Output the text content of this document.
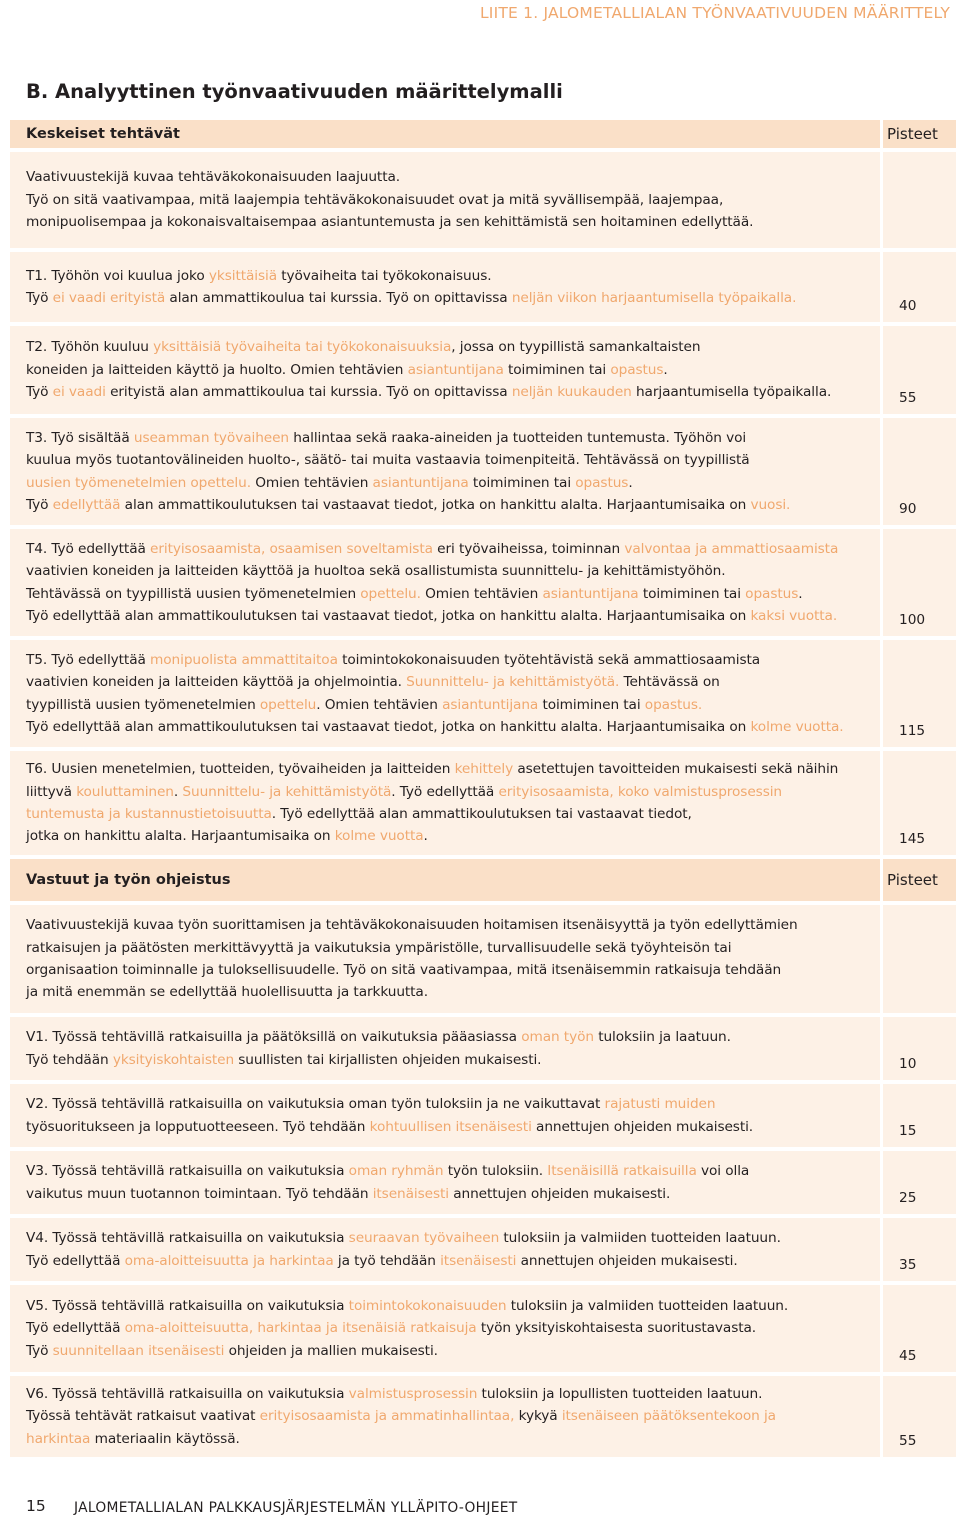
LIITE 1. JALOMETALLIALAN TYÖNVAATIVUUDEN MÄÄRITTELY
B. Analyyttinen työnvaativuuden määrittelymalli
Keskeiset tehtävät	Pisteet
Vaativuustekijä kuvaa tehtäväkokonaisuuden laajuutta.
Työ on sitä vaativampaa, mitä laajempia tehtäväkokonaisuudet ovat ja mitä syvällisempää, laajempaa,
monipuolisempaa ja kokonaisvaltaisempaa asiantuntemusta ja sen kehittämistä sen hoitaminen edellyttää.
T1. Työhön voi kuulua joko yksittäisiä työvaiheita tai työkokonaisuus.
Työ ei vaadi erityistä alan ammattikoulua tai kurssia. Työ on opittavissa neljän viikon harjaantumisella työpaikalla.	40
T2. Työhön kuuluu yksittäisiä työvaiheita tai työkokonaisuuksia, jossa on tyypillistä samankaltaisten
koneiden ja laitteiden käyttö ja huolto. Omien tehtävien asiantuntijana toimiminen tai opastus.
Työ ei vaadi erityistä alan ammattikoulua tai kurssia. Työ on opittavissa neljän kuukauden harjaantumisella työpaikalla.	55
T3. Työ sisältää useamman työvaiheen hallintaa sekä raaka-aineiden ja tuotteiden tuntemusta. Työhön voi
kuulua myös tuotantovälineiden huolto-, säätö- tai muita vastaavia toimenpiteitä. Tehtävässä on tyypillistä
uusien työmenetelmien opettelu. Omien tehtävien asiantuntijana toimiminen tai opastus.
Työ edellyttää alan ammattikoulutuksen tai vastaavat tiedot, jotka on hankittu alalta. Harjaantumisaika on vuosi.	90
T4. Työ edellyttää erityisosaamista, osaamisen soveltamista eri työvaiheissa, toiminnan valvontaa ja ammattiosaamista
vaativien koneiden ja laitteiden käyttöä ja huoltoa sekä osallistumista suunnittelu- ja kehittämistyöhön.
Tehtävässä on tyypillistä uusien työmenetelmien opettelu. Omien tehtävien asiantuntijana toimiminen tai opastus.
Työ edellyttää alan ammattikoulutuksen tai vastaavat tiedot, jotka on hankittu alalta. Harjaantumisaika on kaksi vuotta.	100
T5. Työ edellyttää monipuolista ammattitaitoa toimintokokonaisuuden työtehtävistä sekä ammattiosaamista
vaativien koneiden ja laitteiden käyttöä ja ohjelmointia. Suunnittelu- ja kehittämistyötä. Tehtävässä on
tyypillistä uusien työmenetelmien opettelu. Omien tehtävien asiantuntijana toimiminen tai opastus.
Työ edellyttää alan ammattikoulutuksen tai vastaavat tiedot, jotka on hankittu alalta. Harjaantumisaika on kolme vuotta.	115
T6. Uusien menetelmien, tuotteiden, työvaiheiden ja laitteiden kehittely asetettujen tavoitteiden mukaisesti sekä näihin
liittyvä kouluttaminen. Suunnittelu- ja kehittämistyötä. Työ edellyttää erityisosaamista, koko valmistusprosessin
tuntemusta ja kustannustietoisuutta. Työ edellyttää alan ammattikoulutuksen tai vastaavat tiedot,
jotka on hankittu alalta. Harjaantumisaika on kolme vuotta.	145
Vastuut ja työn ohjeistus	Pisteet
Vaativuustekijä kuvaa työn suorittamisen ja tehtäväkokonaisuuden hoitamisen itsenäisyyttä ja työn edellyttämien
ratkaisujen ja päätösten merkittävyyttä ja vaikutuksia ympäristölle, turvallisuudelle sekä työyhteisön tai
organisaation toiminnalle ja tuloksellisuudelle. Työ on sitä vaativampaa, mitä itsenäisemmin ratkaisuja tehdään
ja mitä enemmän se edellyttää huolellisuutta ja tarkkuutta.
V1. Työssä tehtävillä ratkaisuilla ja päätöksillä on vaikutuksia pääasiassa oman työn tuloksiin ja laatuun.
Työ tehdään yksityiskohtaisten suullisten tai kirjallisten ohjeiden mukaisesti.	10
V2. Työssä tehtävillä ratkaisuilla on vaikutuksia oman työn tuloksiin ja ne vaikuttavat rajatusti muiden
työsuoritukseen ja lopputuotteeseen. Työ tehdään kohtuullisen itsenäisesti annettujen ohjeiden mukaisesti.	15
V3. Työssä tehtävillä ratkaisuilla on vaikutuksia oman ryhmän työn tuloksiin. Itsenäisillä ratkaisuilla voi olla
vaikutus muun tuotannon toimintaan. Työ tehdään itsenäisesti annettujen ohjeiden mukaisesti.	25
V4. Työssä tehtävillä ratkaisuilla on vaikutuksia seuraavan työvaiheen tuloksiin ja valmiiden tuotteiden laatuun.
Työ edellyttää oma-aloitteisuutta ja harkintaa ja työ tehdään itsenäisesti annettujen ohjeiden mukaisesti.	35
V5. Työssä tehtävillä ratkaisuilla on vaikutuksia toimintokokonaisuuden tuloksiin ja valmiiden tuotteiden laatuun.
Työ edellyttää oma-aloitteisuutta, harkintaa ja itsenäisiä ratkaisuja työn yksityiskohtaisesta suoritustavasta.
Työ suunnitellaan itsenäisesti ohjeiden ja mallien mukaisesti.	45
V6. Työssä tehtävillä ratkaisuilla on vaikutuksia valmistusprosessin tuloksiin ja lopullisten tuotteiden laatuun.
Työssä tehtävät ratkaisut vaativat erityisosaamista ja ammatinhallintaa, kykyä itsenäiseen päätöksentekoon ja
harkintaa materiaalin käytössä.	55
15 JALOMETALLIALAN PALKKAUSJÄRJESTELMÄN YLLÄPITO-OHJEET
